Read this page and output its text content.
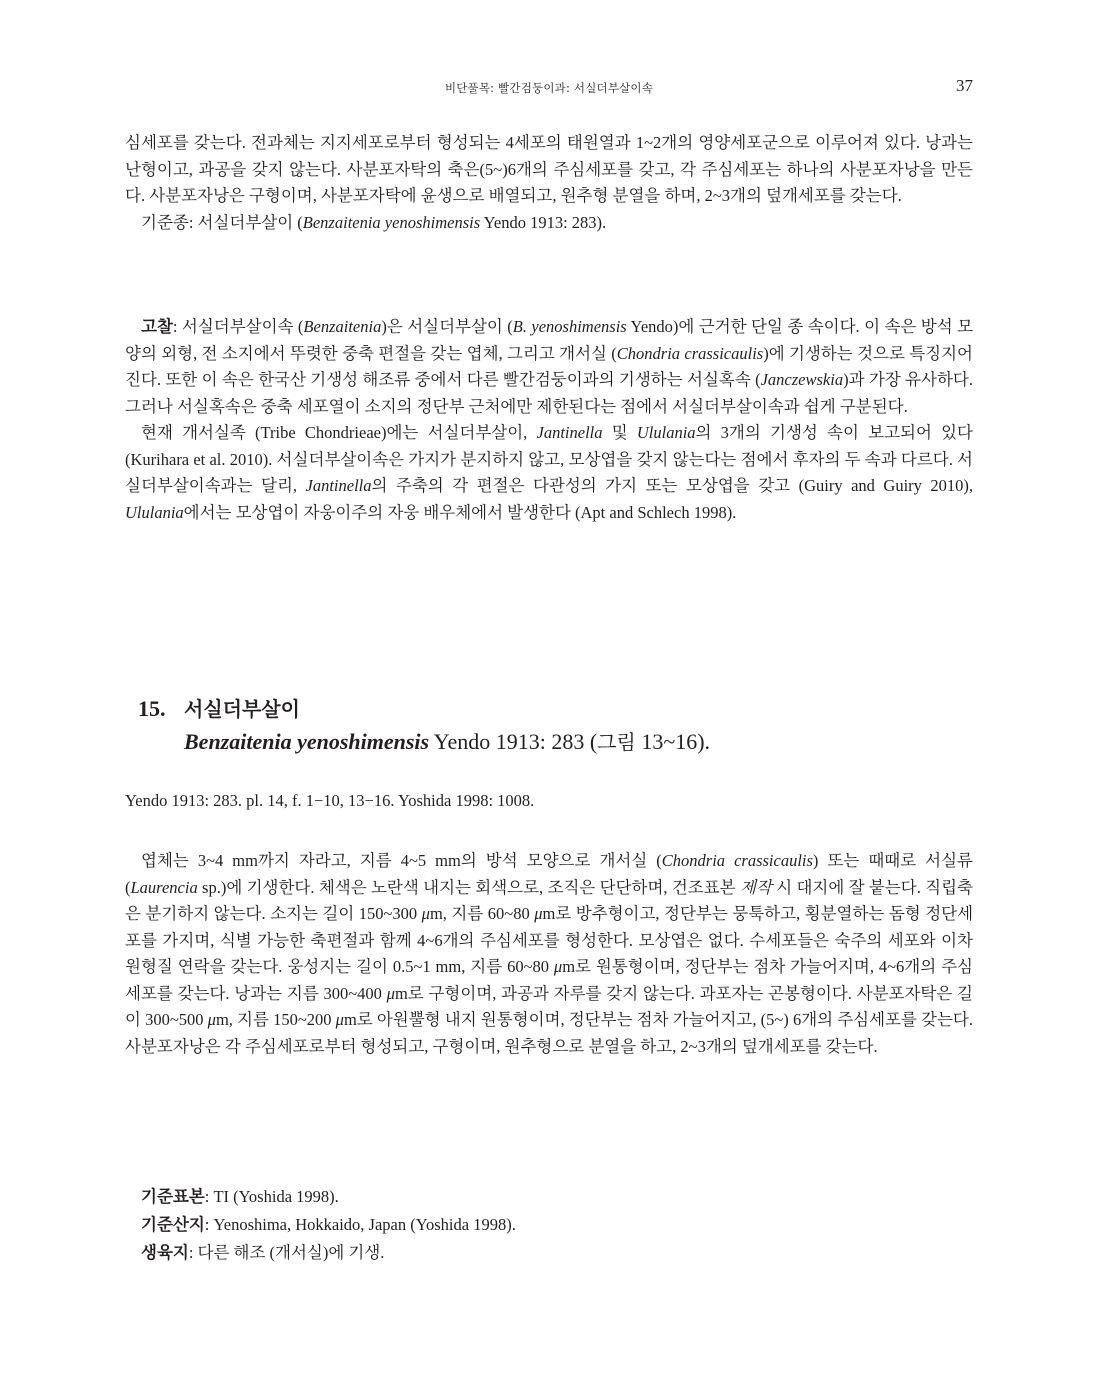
비단풀목: 빨간검둥이과: 서실더부살이속	37

심세포를 갖는다. 전과체는 지지세포로부터 형성되는 4세포의 태원열과 1~2개의 영양세포군으로 이루어져 있다. 낭과는 난형이고, 과공을 갖지 않는다. 사분포자탁의 축은(5~)6개의 주심세포를 갖고, 각 주심세포는 하나의 사분포자낭을 만든다. 사분포자낭은 구형이며, 사분포자탁에 윤생으로 배열되고, 원추형 분열을 하며, 2~3개의 덮개세포를 갖는다.

기준종: 서실더부살이 (Benzaitenia yenoshimensis Yendo 1913: 283).

고찰: 서실더부살이속 (Benzaitenia)은 서실더부살이 (B. yenoshimensis Yendo)에 근거한 단일 종 속이다. 이 속은 방석 모양의 외형, 전 소지에서 뚜렷한 중축 편절을 갖는 엽체, 그리고 개서실 (Chondria crassicaulis)에 기생하는 것으로 특징지어진다. 또한 이 속은 한국산 기생성 해조류 중에서 다른 빨간검둥이과의 기생하는 서실혹속 (Janczewskia)과 가장 유사하다. 그러나 서실혹속은 중축 세포열이 소지의 정단부 근처에만 제한된다는 점에서 서실더부살이속과 쉽게 구분된다.

현재 개서실족 (Tribe Chondrieae)에는 서실더부살이, Jantinella 및 Ululania의 3개의 기생성 속이 보고되어 있다 (Kurihara et al. 2010). 서실더부살이속은 가지가 분지하지 않고, 모상엽을 갖지 않는다는 점에서 후자의 두 속과 다르다. 서실더부살이속과는 달리, Jantinella의 주축의 각 편절은 다관성의 가지 또는 모상엽을 갖고 (Guiry and Guiry 2010), Ululania에서는 모상엽이 자웅이주의 자웅 배우체에서 발생한다 (Apt and Schlech 1998).

15. 서실더부살이
Benzaitenia yenoshimensis Yendo 1913: 283 (그림 13~16).

Yendo 1913: 283. pl. 14, f. 1−10, 13−16. Yoshida 1998: 1008.

엽체는 3~4 mm까지 자라고, 지름 4~5 mm의 방석 모양으로 개서실 (Chondria crassicaulis) 또는 때때로 서실류 (Laurencia sp.)에 기생한다. 체색은 노란색 내지는 회색으로, 조직은 단단하며, 건조표본 제작 시 대지에 잘 붙는다. 직립축은 분기하지 않는다. 소지는 길이 150~300 μm, 지름 60~80 μm로 방추형이고, 정단부는 뭉툭하고, 횡분열하는 돔형 정단세포를 가지며, 식별 가능한 축편절과 함께 4~6개의 주심세포를 형성한다. 모상엽은 없다. 수세포들은 숙주의 세포와 이차 원형질 연락을 갖는다. 웅성지는 길이 0.5~1 mm, 지름 60~80 μm로 원통형이며, 정단부는 점차 가늘어지며, 4~6개의 주심세포를 갖는다. 낭과는 지름 300~400 μm로 구형이며, 과공과 자루를 갖지 않는다. 과포자는 곤봉형이다. 사분포자탁은 길이 300~500 μm, 지름 150~200 μm로 아원뿔형 내지 원통형이며, 정단부는 점차 가늘어지고, (5~) 6개의 주심세포를 갖는다. 사분포자낭은 각 주심세포로부터 형성되고, 구형이며, 원추형으로 분열을 하고, 2~3개의 덮개세포를 갖는다.

기준표본: TI (Yoshida 1998).

기준산지: Yenoshima, Hokkaido, Japan (Yoshida 1998).

생육지: 다른 해조 (개서실)에 기생.
